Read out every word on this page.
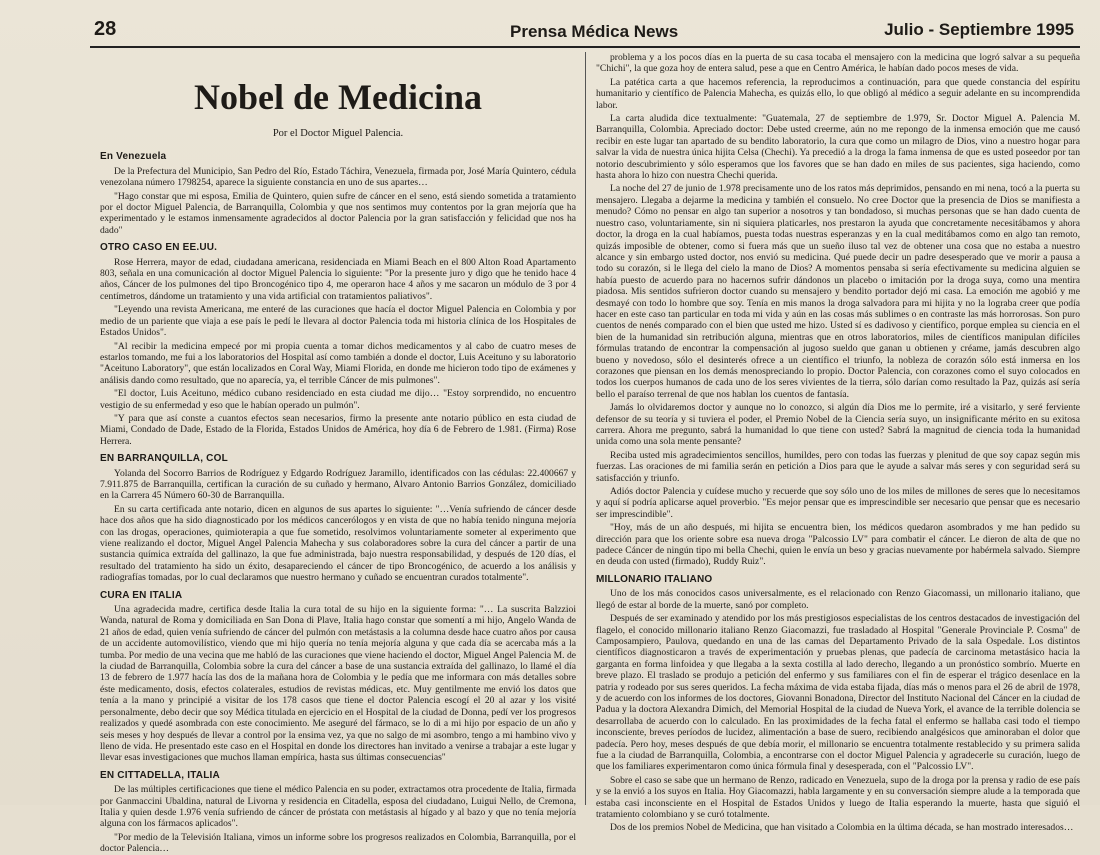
28	Prensa Médica News	Julio - Septiembre 1995
Nobel de Medicina
Por el Doctor Miguel Palencia.
En Venezuela

De la Prefectura del Municipio, San Pedro del Río, Estado Táchira, Venezuela, firmada por, José María Quintero, cédula venezolana número 1798254, aparece la siguiente constancia en uno de sus apartes…

"Hago constar que mi esposa, Emilia de Quintero, quien sufre de cáncer en el seno, está siendo sometida a tratamiento por el doctor Miguel Palencia, de Barranquilla, Colombia y que nos sentimos muy contentos por la gran mejoría que ha experimentado y le estamos inmensamente agradecidos al doctor Palencia por la gran satisfacción y felicidad que nos ha dado"

OTRO CASO EN EE.UU.

Rose Herrera, mayor de edad, ciudadana americana, residenciada en Miami Beach en el 800 Alton Road Apartamento 803, señala en una comunicación al doctor Miguel Palencia lo siguiente: "Por la presente juro y digo que he tenido hace 4 años, Cáncer de los pulmones del tipo Broncogénico tipo 4, me operaron hace 4 años y me sacaron un módulo de 3 por 4 centímetros, dándome un tratamiento y una vida artificial con tratamientos paliativos".

"Leyendo una revista Americana, me enteré de las curaciones que hacía el doctor Miguel Palencia en Colombia y por medio de un pariente que viaja a ese país le pedí le llevara al doctor Palencia toda mi historia clínica de los Hospitales de Estados Unidos".

"Al recibir la medicina empecé por mi propia cuenta a tomar dichos medicamentos y al cabo de cuatro meses de estarlos tomando, me fui a los laboratorios del Hospital así como también a donde el doctor, Luis Aceituno y su laboratorio "Aceituno Laboratory", que están localizados en Coral Way, Miami Florida, en donde me hicieron todo tipo de exámenes y análisis dando como resultado, que no aparecía, ya, el terrible Cáncer de mis pulmones".

"El doctor, Luis Aceituno, médico cubano residenciado en esta ciudad me dijo… "Estoy sorprendido, no encuentro vestigio de su enfermedad y eso que le habían operado un pulmón".

"Y para que así conste a cuantos efectos sean necesarios, firmo la presente ante notario público en esta ciudad de Miami, Condado de Dade, Estado de la Florida, Estados Unidos de América, hoy día 6 de Febrero de 1.981. (Firma) Rose Herrera.

EN BARRANQUILLA, COL

Yolanda del Socorro Barrios de Rodríguez y Edgardo Rodríguez Jaramillo, identificados con las cédulas: 22.400667 y 7.911.875 de Barranquilla, certifican la curación de su cuñado y hermano, Alvaro Antonio Barrios González, domiciliado en la Carrera 45 Número 60-30 de Barranquilla.

En su carta certificada ante notario, dicen en algunos de sus apartes lo siguiente: "…Venía sufriendo de cáncer desde hace dos años que ha sido diagnosticado por los médicos cancerólogos y en vista de que no había tenido ninguna mejoría con las drogas, operaciones, quimioterapia a que fue sometido, resolvimos voluntariamente someter al experimento que viene realizando el doctor, Miguel Angel Palencia Mahecha y sus colaboradores sobre la cura del cáncer a partir de una sustancia química extraída del gallinazo, la que fue administrada, bajo nuestra responsabilidad, y después de 120 días, el resultado del tratamiento ha sido un éxito, desapareciendo el cáncer de tipo Broncogénico, de acuerdo a los análisis y radiografías tomadas, por lo cual declaramos que nuestro hermano y cuñado se encuentran curados totalmente".

CURA EN ITALIA

Una agradecida madre, certifica desde Italia la cura total de su hijo en la siguiente forma: "… La suscrita Balzzioi Wanda, natural de Roma y domiciliada en San Dona di Plave, Italia hago constar que somentí a mi hijo, Angelo Wanda de 21 años de edad, quien venía sufriendo de cáncer del pulmón con metástasis a la columna desde hace cuatro años por causa de un accidente automovilístico, viendo que mi hijo quería no tenía mejoría alguna y que cada día se acercaba más a la tumba. Por medio de una vecina que me habló de las curaciones que viene haciendo el doctor, Miguel Angel Palencia M. de la ciudad de Barranquilla, Colombia sobre la cura del cáncer a base de una sustancia extraída del gallinazo, lo llamé el día 13 de febrero de 1.977 hacía las dos de la mañana hora de Colombia y le pedía que me informara con más detalles sobre éste medicamento, dosis, efectos colaterales, estudios de revistas médicas, etc. Muy gentilmente me envió los datos que tenía a la mano y principié a visitar de los 178 casos que tiene el doctor Palencia escogí el 20 al azar y los visité personalmente, debo decir que soy Médica titulada en ejercicio en el Hospital de la ciudad de Donna, pedí ver los progresos realizados y quedé asombrada con este conocimiento. Me aseguré del fármaco, se lo di a mi hijo por espacio de un año y seis meses y hoy después de llevar a control por la ensima vez, ya que no salgo de mi asombro, tengo a mi hambino vivo y lleno de vida. He presentado este caso en el Hospital en donde los directores han invitado a venirse a trabajar a este lugar y llevar esas investigaciones que muchos llaman empírica, hasta sus últimas consecuencias"

EN CITTADELLA, ITALIA

De las múltiples certificaciones que tiene el médico Palencia en su poder, extractamos otra procedente de Italia, firmada por Ganmaccini Ubaldina, natural de Livorna y residencia en Citadella, esposa del ciudadano, Luigui Nello, de Cremona, Italia y quien desde 1.976 venía sufriendo de cáncer de próstata con metástasis al hígado y al bazo y que no tenía mejoría alguna con los fármacos aplicados".

"Por medio de la Televisión Italiana, vimos un informe sobre los progresos realizados en Colombia, Barranquilla, por el doctor Palencia…

problema y a los pocos días en la puerta de su casa tocaba el mensajero con la medicina que logró salvar a su pequeña "Chichi", la que goza hoy de entera salud, pese a que en Centro América, le habían dado pocos meses de vida.

La patética carta a que hacemos referencia, la reproducimos a continuación, para que quede constancia del espíritu humanitario y científico de Palencia Mahecha, es quizás ello, lo que obligó al médico a seguir adelante en su incomprendida labor.

La carta aludida dice textualmente: "Guatemala, 27 de septiembre de 1.979, Sr. Doctor Miguel A. Palencia M. Barranquilla, Colombia. Apreciado doctor: Debe usted creerme, aún no me repongo de la inmensa emoción que me causó recibir en este lugar tan apartado de su bendito laboratorio, la cura que como un milagro de Dios, vino a nuestro hogar para salvar la vida de nuestra única hijita Celsa (Chechi). Ya precedió a la droga la fama inmensa de que es usted poseedor por tan notorio descubrimiento y sólo esperamos que los favores que se han dado en miles de sus pacientes, siga haciendo, como hasta ahora lo hizo con nuestra Chechi querida.

La noche del 27 de junio de 1.978 precisamente uno de los ratos más deprimidos, pensando en mi nena, tocó a la puerta su mensajero. Llegaba a dejarme la medicina y también el consuelo. No cree Doctor que la presencia de Dios se manifiesta a menudo? Cómo no pensar en algo tan superior a nosotros y tan bondadoso, si muchas personas que se han dado cuenta de nuestro caso, voluntariamente, sin ni siquiera platicarles, nos prestaron la ayuda que concretamente necesitábamos y ahora doctor, la droga en la cual habíamos, puesta todas nuestras esperanzas y en la cual meditábamos como en algo tan remoto, quizás imposible de obtener, como si fuera más que un sueño iluso tal vez de obtener una cosa que no estaba a nuestro alcance y sin embargo usted doctor, nos envió su medicina. Qué puede decir un padre desesperado que ve morir a pausa a todo su corazón, si le llega del cielo la mano de Dios? A momentos pensaba si sería efectivamente su medicina alguien se había puesto de acuerdo para no hacernos sufrir dándonos un placebo o imitación por la droga suya, como una mentira piadosa. Mis sentidos sufrieron doctor cuando su mensajero y bendito portador dejó mi casa. La emoción me agobió y me desmayé con todo lo hombre que soy. Tenía en mis manos la droga salvadora para mi hijita y no la lograba creer que podía hacer en este caso tan particular en toda mi vida y aún en las cosas más sublimes o en contraste las más horrorosas. Son puro cuentos de nenés comparado con el bien que usted me hizo. Usted sí es dadivoso y científico, porque emplea su ciencia en el bien de la humanidad sin retribución alguna, mientras que en otros laboratorios, miles de científicos manipulan difíciles fórmulas tratando de encontrar la compensación al jugoso sueldo que ganan u obtienen y créame, jamás descubren algo bueno y novedoso, sólo el desinterés ofrece a un científico el triunfo, la nobleza de corazón sólo está inmersa en los corazones que piensan en los demás menospreciando lo propio. Doctor Palencia, con corazones como el suyo colocados en todos los cuerpos humanos de cada uno de los seres vivientes de la tierra, sólo darían como resultado la Paz, quizás así sería bello el paraíso terrenal de que nos hablan los cuentos de fantasía.

Jamás lo olvidaremos doctor y aunque no lo conozco, si algún día Dios me lo permite, iré a visitarlo, y seré ferviente defensor de su teoría y si tuviera el poder, el Premio Nobel de la Ciencia sería suyo, un insignificante mérito en su exitosa carrera. Ahora me pregunto, sabrá la humanidad lo que tiene con usted? Sabrá la magnitud de ciencia toda la humanidad unida como una sola mente pensante?

Reciba usted mis agradecimientos sencillos, humildes, pero con todas las fuerzas y plenitud de que soy capaz según mis fuerzas. Las oraciones de mi familia serán en petición a Dios para que le ayude a salvar más seres y con seguridad será su satisfacción y triunfo.

Adiós doctor Palencia y cuídese mucho y recuerde que soy sólo uno de los miles de millones de seres que lo necesitamos y aquí sí podría aplicarse aquel proverbio. "Es mejor pensar que es imprescindible ser necesario que pensar que es necesario ser imprescindible".

"Hoy, más de un año después, mi hijita se encuentra bien, los médicos quedaron asombrados y me han pedido su dirección para que los oriente sobre esa nueva droga "Palcossio LV" para combatir el cáncer. Le dieron de alta de que no padece Cáncer de ningún tipo mi bella Chechi, quien le envía un beso y gracias nuevamente por habérmela salvado. Siempre en deuda con usted (firmado), Ruddy Ruiz".

MILLONARIO ITALIANO

Uno de los más conocidos casos universalmente, es el relacionado con Renzo Giacomassi, un millonario italiano, que llegó de estar al borde de la muerte, sanó por completo.

Después de ser examinado y atendido por los más prestigiosos especialistas de los centros destacados de investigación del flagelo, el conocido millonario italiano Renzo Giacomazzi, fue trasladado al Hospital "Generale Provinciale P. Cosma" de Camposampiero, Paulova, quedando en una de las camas del Departamento Privado de la sala Ospedale. Los distintos científicos diagnosticaron a través de experimentación y pruebas plenas, que padecía de carcinoma metastásico hacia la garganta en forma linfoidea y que llegaba a la sexta costilla al lado derecho, llegando a un pronóstico sombrío. Muerte en breve plazo. El traslado se produjo a petición del enfermo y sus familiares con el fin de esperar el trágico desenlace en la patria y rodeado por sus seres queridos. La fecha máxima de vida estaba fijada, días más o menos para el 26 de abril de 1978, y de acuerdo con los informes de los doctores, Giovanni Bonadona, Director del Instituto Nacional del Cáncer en la ciudad de Padua y la doctora Alexandra Dimich, del Memorial Hospital de la ciudad de Nueva York, el avance de la terrible dolencia se desarrollaba de acuerdo con lo calculado. En las proximidades de la fecha fatal el enfermo se hallaba casi todo el tiempo inconsciente, breves períodos de lucidez, alimentación a base de suero, recibiendo analgésicos que aminoraban el dolor que padecía. Pero hoy, meses después de que debía morir, el millonario se encuentra totalmente restablecido y su primera salida fue a la ciudad de Barranquilla, Colombia, a encontrarse con el doctor Miguel Palencia y agradecerle su curación, luego de que los familiares experimentaron como única fórmula final y desesperada, con el "Palcossio LV".

Sobre el caso se sabe que un hermano de Renzo, radicado en Venezuela, supo de la droga por la prensa y radio de ese país y se la envió a los suyos en Italia. Hoy Giacomazzi, habla largamente y en su conversación siempre alude a la temporada que estaba casi inconsciente en el Hospital de Estados Unidos y luego de Italia esperando la muerte, hasta que siguió el tratamiento colombiano y se curó totalmente.

Dos de los premios Nobel de Medicina, que han visitado a Colombia en la última década, se han mostrado interesados…
